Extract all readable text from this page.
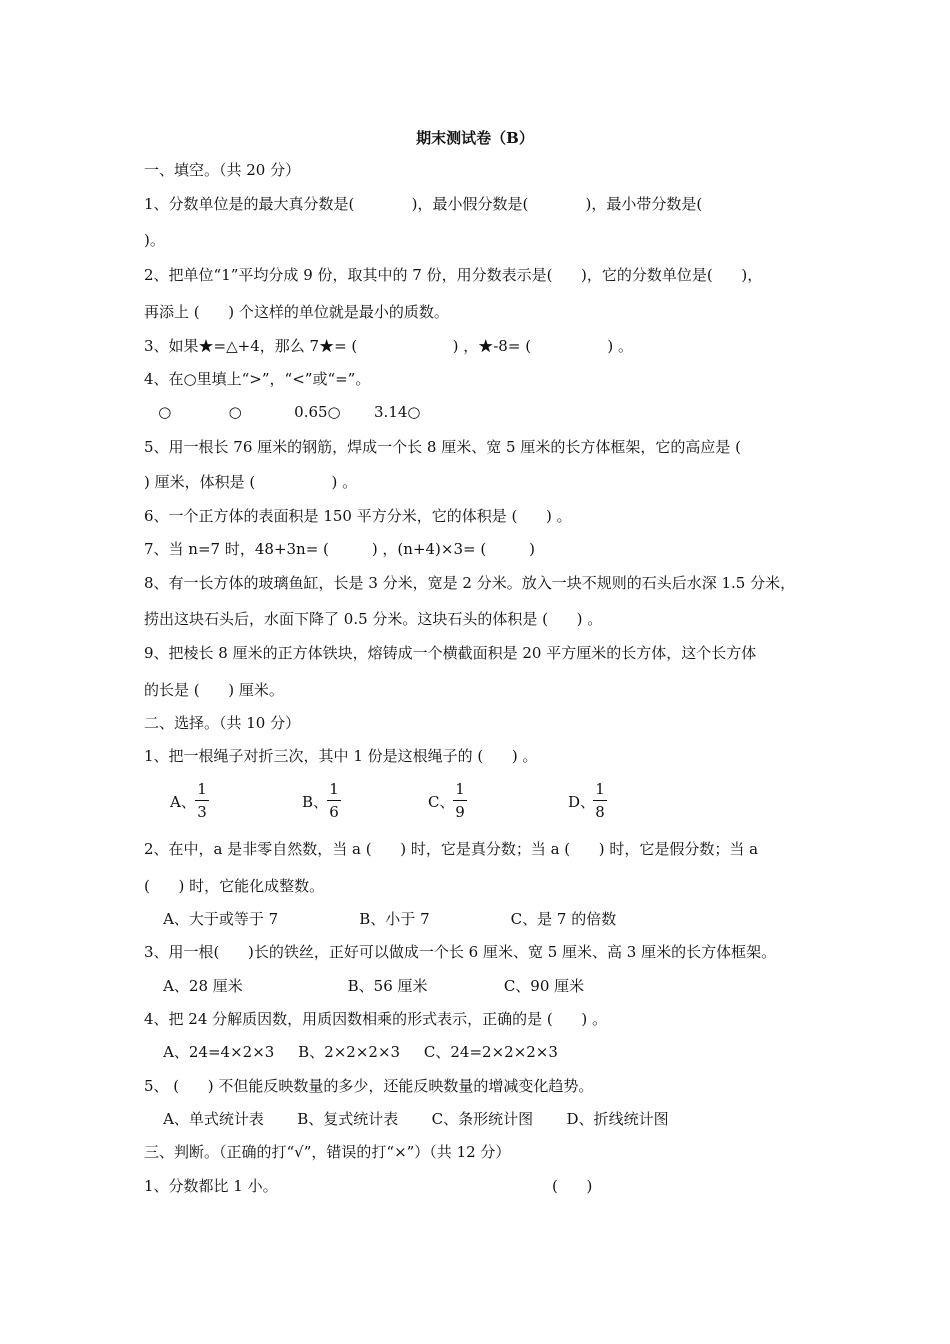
期末测试卷（B）
一、填空。（共 20 分）
1、分数单位是的最大真分数是(            )，最小假分数是(            )，最小带分数是(
)。
2、把单位“1”平均分成 9 份，取其中的 7 份，用分数表示是(      )，它的分数单位是(      )，
再添上 (      ) 个这样的单位就是最小的质数。
3、如果★=△+4，那么 7★= (                    ) ，★-8= (                ) 。
4、在○里填上“>”，“<”或“=”。
○            ○           0.65○       3.14○
5、用一根长 76 厘米的钢筋，焊成一个长 8 厘米、宽 5 厘米的长方体框架，它的高应是 (
) 厘米，体积是 (                ) 。
6、一个正方体的表面积是 150 平方分米，它的体积是 (      ) 。
7、当 n=7 时，48+3n= (         ) ，(n+4)×3= (         )
8、有一长方体的玻璃鱼缸，长是 3 分米，宽是 2 分米。放入一块不规则的石头后水深 1.5 分米，
捞出这块石头后，水面下降了 0.5 分米。这块石头的体积是 (      ) 。
9、把棱长 8 厘米的正方体铁块，熔铸成一个横截面积是 20 平方厘米的长方体，这个长方体
的长是 (      ) 厘米。
二、选择。（共 10 分）
1、把一根绳子对折三次，其中 1 份是这根绳子的 (      ) 。
A、
1
3
B、
1
6
C、
1
9
D、
1
8
2、在中，a 是非零自然数，当 a (      ) 时，它是真分数；当 a (      ) 时，它是假分数；当 a
(      ) 时，它能化成整数。
A、大于或等于 7                 B、小于 7                 C、是 7 的倍数
3、用一根(      )长的铁丝，正好可以做成一个长 6 厘米、宽 5 厘米、高 3 厘米的长方体框架。
A、28 厘米                      B、56 厘米                C、90 厘米
4、把 24 分解质因数，用质因数相乘的形式表示，正确的是 (      ) 。
A、24=4×2×3     B、2×2×2×3     C、24=2×2×2×3
5、 (      ) 不但能反映数量的多少，还能反映数量的增减变化趋势。
A、单式统计表       B、复式统计表       C、条形统计图       D、折线统计图
三、判断。（正确的打“√”，错误的打“×”）（共 12 分）
1、分数都比 1 小。	(      )
